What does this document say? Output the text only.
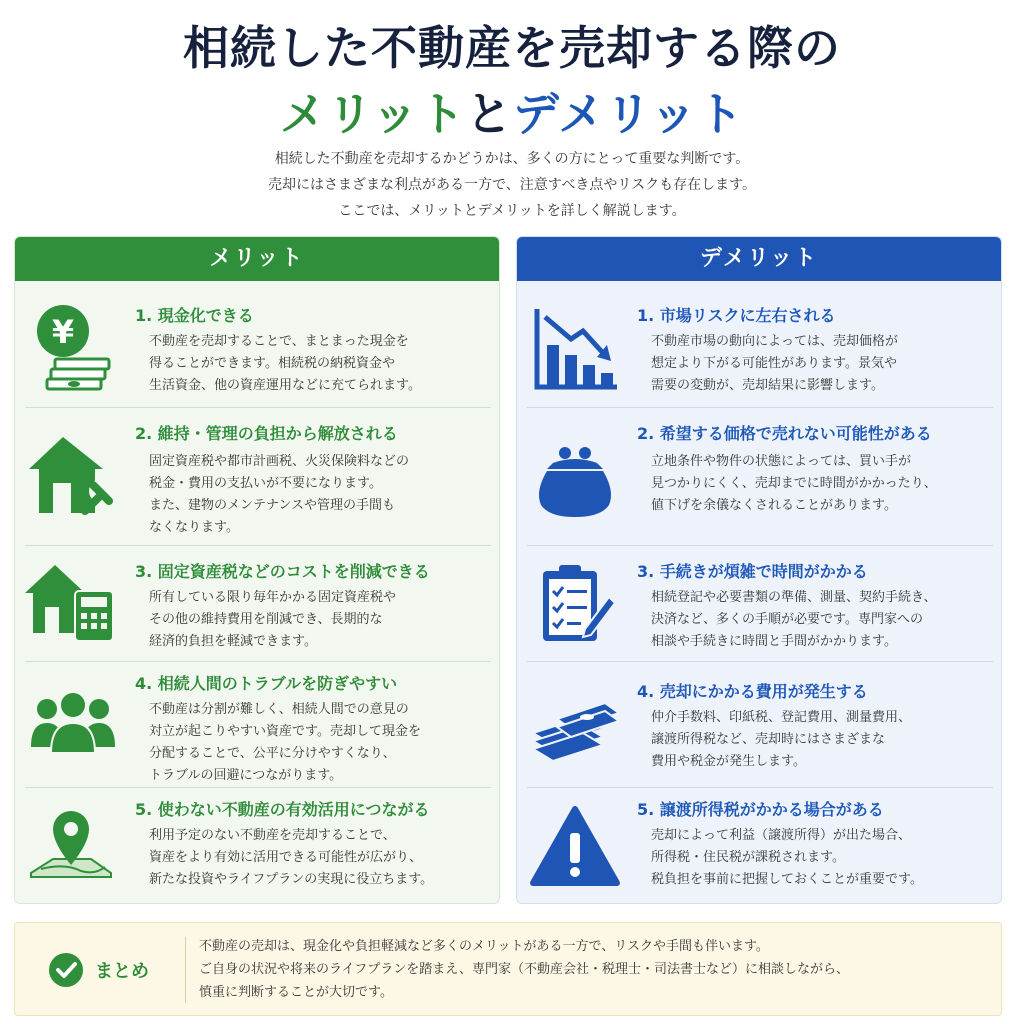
相続した不動産を売却する際の
メリットとデメリット
相続した不動産を売却するかどうかは、多くの方にとって重要な判断です。
売却にはさまざまな利点がある一方で、注意すべき点やリスクも存在します。
ここでは、メリットとデメリットを詳しく解説します。
メリット
¥	1. 現金化できる
不動産を売却することで、まとまった現金を
得ることができます。相続税の納税資金や
生活資金、他の資産運用などに充てられます。
2. 維持・管理の負担から解放される
固定資産税や都市計画税、火災保険料などの
税金・費用の支払いが不要になります。
また、建物のメンテナンスや管理の手間も
なくなります。
3. 固定資産税などのコストを削減できる
所有している限り毎年かかる固定資産税や
その他の維持費用を削減でき、長期的な
経済的負担を軽減できます。
4. 相続人間のトラブルを防ぎやすい
不動産は分割が難しく、相続人間での意見の
対立が起こりやすい資産です。売却して現金を
分配することで、公平に分けやすくなり、
トラブルの回避につながります。
5. 使わない不動産の有効活用につながる
利用予定のない不動産を売却することで、
資産をより有効に活用できる可能性が広がり、
新たな投資やライフプランの実現に役立ちます。
デメリット
1. 市場リスクに左右される
不動産市場の動向によっては、売却価格が
想定より下がる可能性があります。景気や
需要の変動が、売却結果に影響します。
2. 希望する価格で売れない可能性がある
立地条件や物件の状態によっては、買い手が
見つかりにくく、売却までに時間がかかったり、
値下げを余儀なくされることがあります。
3. 手続きが煩雑で時間がかかる
相続登記や必要書類の準備、測量、契約手続き、
決済など、多くの手順が必要です。専門家への
相談や手続きに時間と手間がかかります。
4. 売却にかかる費用が発生する
仲介手数料、印紙税、登記費用、測量費用、
譲渡所得税など、売却時にはさまざまな
費用や税金が発生します。
5. 譲渡所得税がかかる場合がある
売却によって利益（譲渡所得）が出た場合、
所得税・住民税が課税されます。
税負担を事前に把握しておくことが重要です。
まとめ
不動産の売却は、現金化や負担軽減など多くのメリットがある一方で、リスクや手間も伴います。
ご自身の状況や将来のライフプランを踏まえ、専門家（不動産会社・税理士・司法書士など）に相談しながら、
慎重に判断することが大切です。
